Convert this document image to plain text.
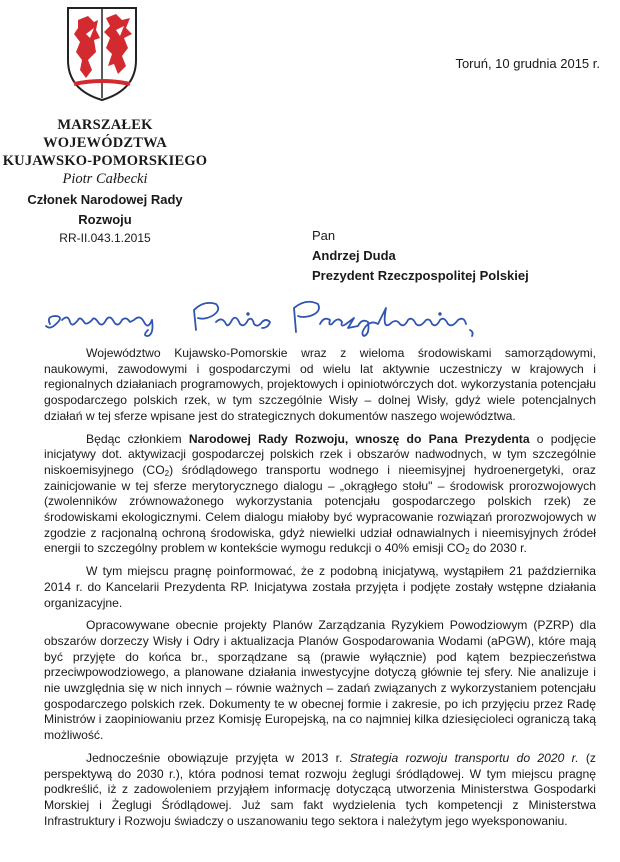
Toruń, 10 grudnia 2015 r.
MARSZAŁEK WOJEWÓDZTWA
KUJAWSKO-POMORSKIEGO
Piotr Całbecki
Członek Narodowej Rady Rozwoju
RR-II.043.1.2015	Pan
Andrzej Duda
Prezydent Rzeczpospolitej Polskiej

Województwo Kujawsko-Pomorskie wraz z wieloma środowiskami samorządowymi, naukowymi, zawodowymi i gospodarczymi od wielu lat aktywnie uczestniczy w krajowych i regionalnych działaniach programowych, projektowych i opiniotwórczych dot. wykorzystania potencjału gospodarczego polskich rzek, w tym szczególnie Wisły – dolnej Wisły, gdyż wiele potencjalnych działań w tej sferze wpisane jest do strategicznych dokumentów naszego województwa.

Będąc członkiem Narodowej Rady Rozwoju, wnoszę do Pana Prezydenta o podjęcie inicjatywy dot. aktywizacji gospodarczej polskich rzek i obszarów nadwodnych, w tym szczególnie niskoemisyjnego $(CO_2)$ śródlądowego transportu wodnego i nieemisyjnej hydroenergetyki, oraz zainicjowanie w tej sferze merytorycznego dialogu – „okrągłego stołu" – środowisk prorozwojowych (zwolenników zrównoważonego wykorzystania potencjału gospodarczego polskich rzek) ze środowiskami ekologicznymi. Celem dialogu miałoby być wypracowanie rozwiązań prorozwojowych w zgodzie z racjonalną ochroną środowiska, gdyż niewielki udział odnawialnych i nieemisyjnych źródeł energii to szczególny problem w kontekście wymogu redukcji o 40% emisji $CO_2$ do 2030 r.

W tym miejscu pragnę poinformować, że z podobną inicjatywą, wystąpiłem 21 października 2014 r. do Kancelarii Prezydenta RP. Inicjatywa została przyjęta i podjęte zostały wstępne działania organizacyjne.

Opracowywane obecnie projekty Planów Zarządzania Ryzykiem Powodziowym (PZRP) dla obszarów dorzeczy Wisły i Odry i aktualizacja Planów Gospodarowania Wodami (aPGW), które mają być przyjęte do końca br., sporządzane są (prawie wyłącznie) pod kątem bezpieczeństwa przeciwpowodziowego, a planowane działania inwestycyjne dotyczą głównie tej sfery. Nie analizuje i nie uwzględnia się w nich innych – równie ważnych – zadań związanych z wykorzystaniem potencjału gospodarczego polskich rzek. Dokumenty te w obecnej formie i zakresie, po ich przyjęciu przez Radę Ministrów i zaopiniowaniu przez Komisję Europejską, na co najmniej kilka dziesięcioleci ograniczą taką możliwość.

Jednocześnie obowiązuje przyjęta w 2013 r. Strategia rozwoju transportu do 2020 r. (z perspektywą do 2030 r.), która podnosi temat rozwoju żeglugi śródlądowej. W tym miejscu pragnę podkreślić, iż z zadowoleniem przyjąłem informację dotyczącą utworzenia Ministerstwa Gospodarki Morskiej i Żeglugi Śródlądowej. Już sam fakt wydzielenia tych kompetencji z Ministerstwa Infrastruktury i Rozwoju świadczy o uszanowaniu tego sektora i należytym jego wyeksponowaniu.
